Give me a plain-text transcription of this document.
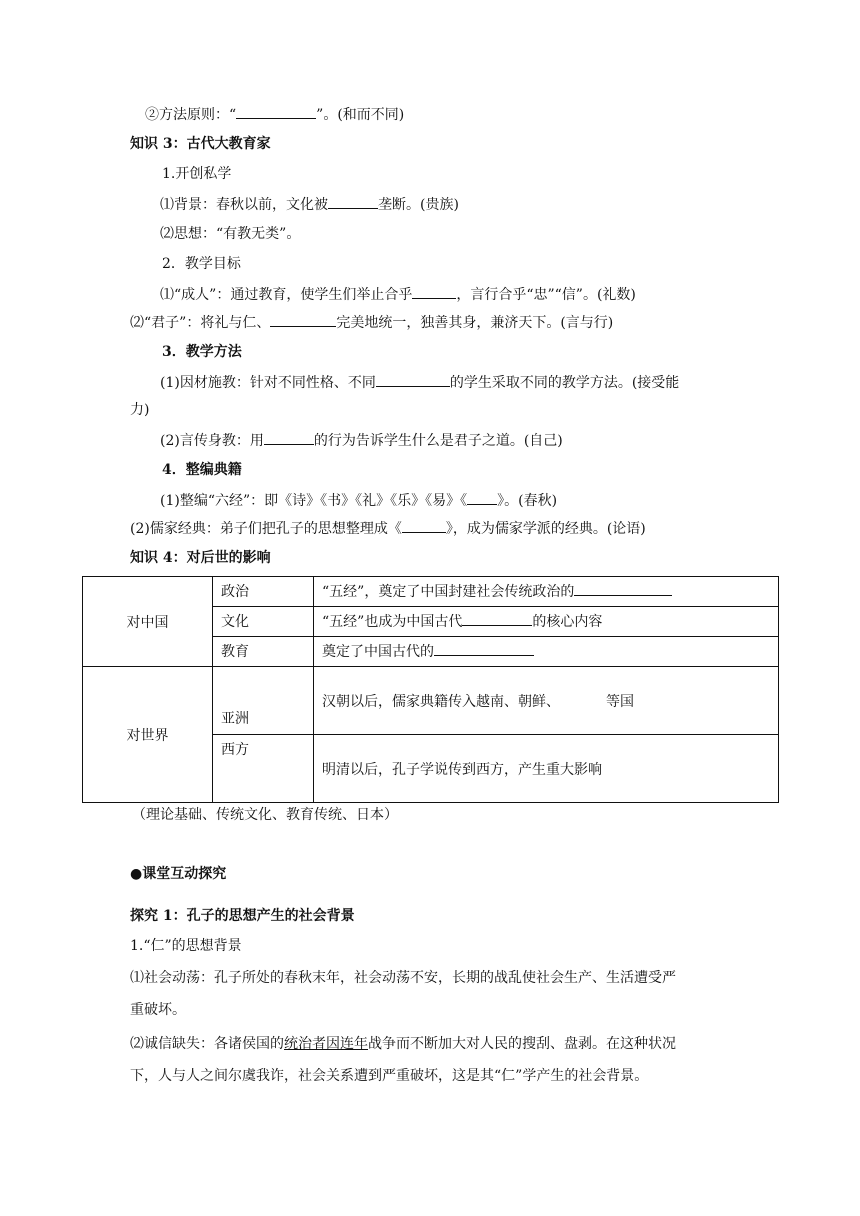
②方法原则：“	”。(和而不同)
知识 3：古代大教育家
1.开创私学
⑴背景：春秋以前，文化被	垄断。(贵族)
⑵思想：“有教无类”。
2．教学目标
⑴“成人”：通过教育，使学生们举止合乎	，言行合乎“忠”“信”。(礼数)
⑵“君子”：将礼与仁、	完美地统一，独善其身，兼济天下。(言与行)
3．教学方法
(1)因材施教：针对不同性格、不同	的学生采取不同的教学方法。(接受能
力)
(2)言传身教：用	的行为告诉学生什么是君子之道。(自己)
4．整编典籍
(1)整编“六经”：即《诗》《书》《礼》《乐》《易》《 》。(春秋)
(2)儒家经典：弟子们把孔子的思想整理成《	》，成为儒家学派的经典。(论语)
知识 4：对后世的影响
对中国	政治	“五经”，奠定了中国封建社会传统政治的
	文化	“五经”也成为中国古代 的核心内容
	教育	奠定了中国古代的
对世界	亚洲	汉朝以后，儒家典籍传入越南、朝鲜、 等国
	西方	明清以后，孔子学说传到西方，产生重大影响
（理论基础、传统文化、教育传统、日本）
●课堂互动探究
探究 1：孔子的思想产生的社会背景
1.“仁”的思想背景
⑴社会动荡：孔子所处的春秋末年，社会动荡不安，长期的战乱使社会生产、生活遭受严
重破坏。
⑵诚信缺失：各诸侯国的统治者因连年战争而不断加大对人民的搜刮、盘剥。在这种状况
下，人与人之间尔虞我诈，社会关系遭到严重破坏，这是其“仁”学产生的社会背景。
